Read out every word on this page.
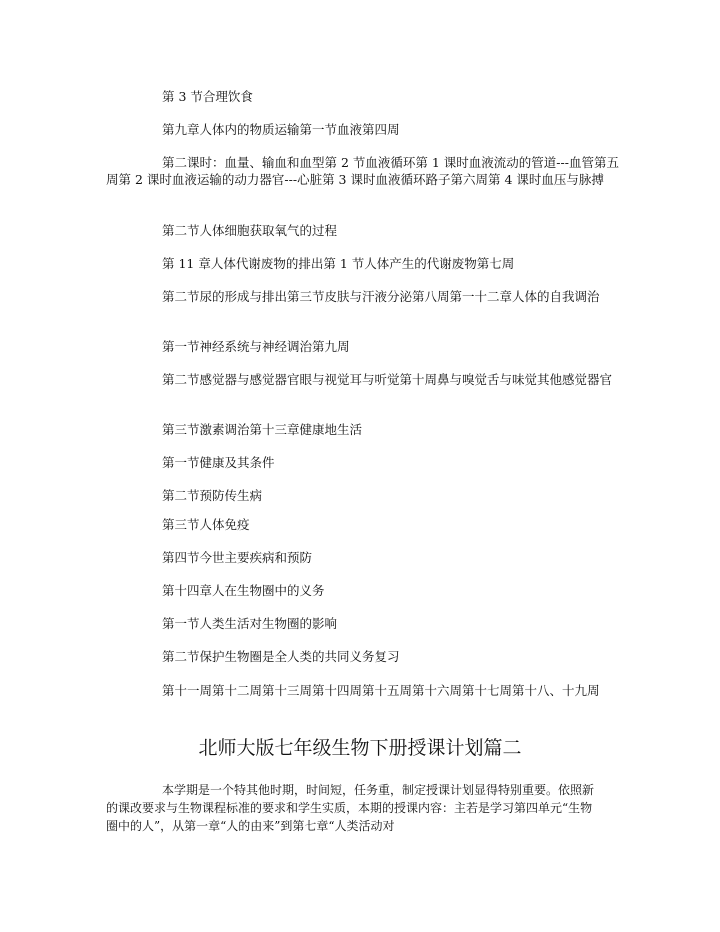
第 3 节合理饮食

第九章人体内的物质运输第一节血液第四周

第二课时：血量、输血和血型第 2 节血液循环第 1 课时血液流动的管道---血管第五周第 2 课时血液运输的动力器官---心脏第 3 课时血液循环路子第六周第 4 课时血压与脉搏

第二节人体细胞获取氧气的过程

第 11 章人体代谢废物的排出第 1 节人体产生的代谢废物第七周

第二节尿的形成与排出第三节皮肤与汗液分泌第八周第一十二章人体的自我调治

第一节神经系统与神经调治第九周

第二节感觉器与感觉器官眼与视觉耳与听觉第十周鼻与嗅觉舌与味觉其他感觉器官

第三节激素调治第十三章健康地生活

第一节健康及其条件

第二节预防传生病

第三节人体免疫

第四节今世主要疾病和预防

第十四章人在生物圈中的义务

第一节人类生活对生物圈的影响

第二节保护生物圈是全人类的共同义务复习

第十一周第十二周第十三周第十四周第十五周第十六周第十七周第十八、十九周

北师大版七年级生物下册授课计划篇二

本学期是一个特其他时期，时间短，任务重，制定授课计划显得特别重要。依照新的课改要求与生物课程标准的要求和学生实质，本期的授课内容：主若是学习第四单元“生物圈中的人”，从第一章“人的由来”到第七章“人类活动对
